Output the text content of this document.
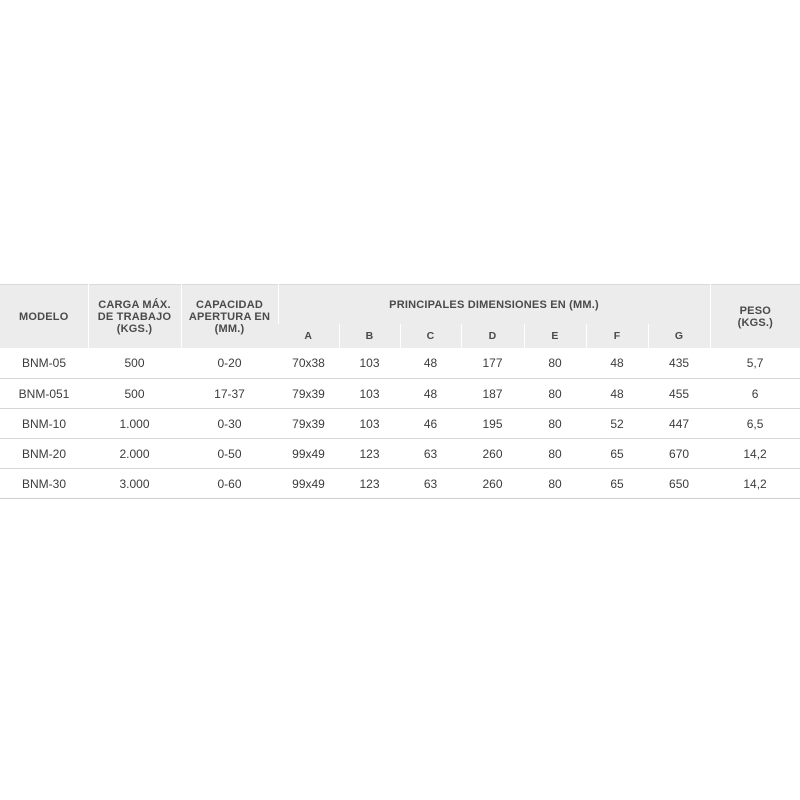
MODELO	CARGA MÁX.
DE TRABAJO
(KGS.)	CAPACIDAD
APERTURA EN
(MM.)	PRINCIPALES DIMENSIONES EN (MM.)							PESO
(KGS.)

			A	B	C	D	E	F	G	
BNM-05	500	0-20	70x38	103	48	177	80	48	435	5,7
BNM-051	500	17-37	79x39	103	48	187	80	48	455	6
BNM-10	1.000	0-30	79x39	103	46	195	80	52	447	6,5
BNM-20	2.000	0-50	99x49	123	63	260	80	65	670	14,2
BNM-30	3.000	0-60	99x49	123	63	260	80	65	650	14,2
